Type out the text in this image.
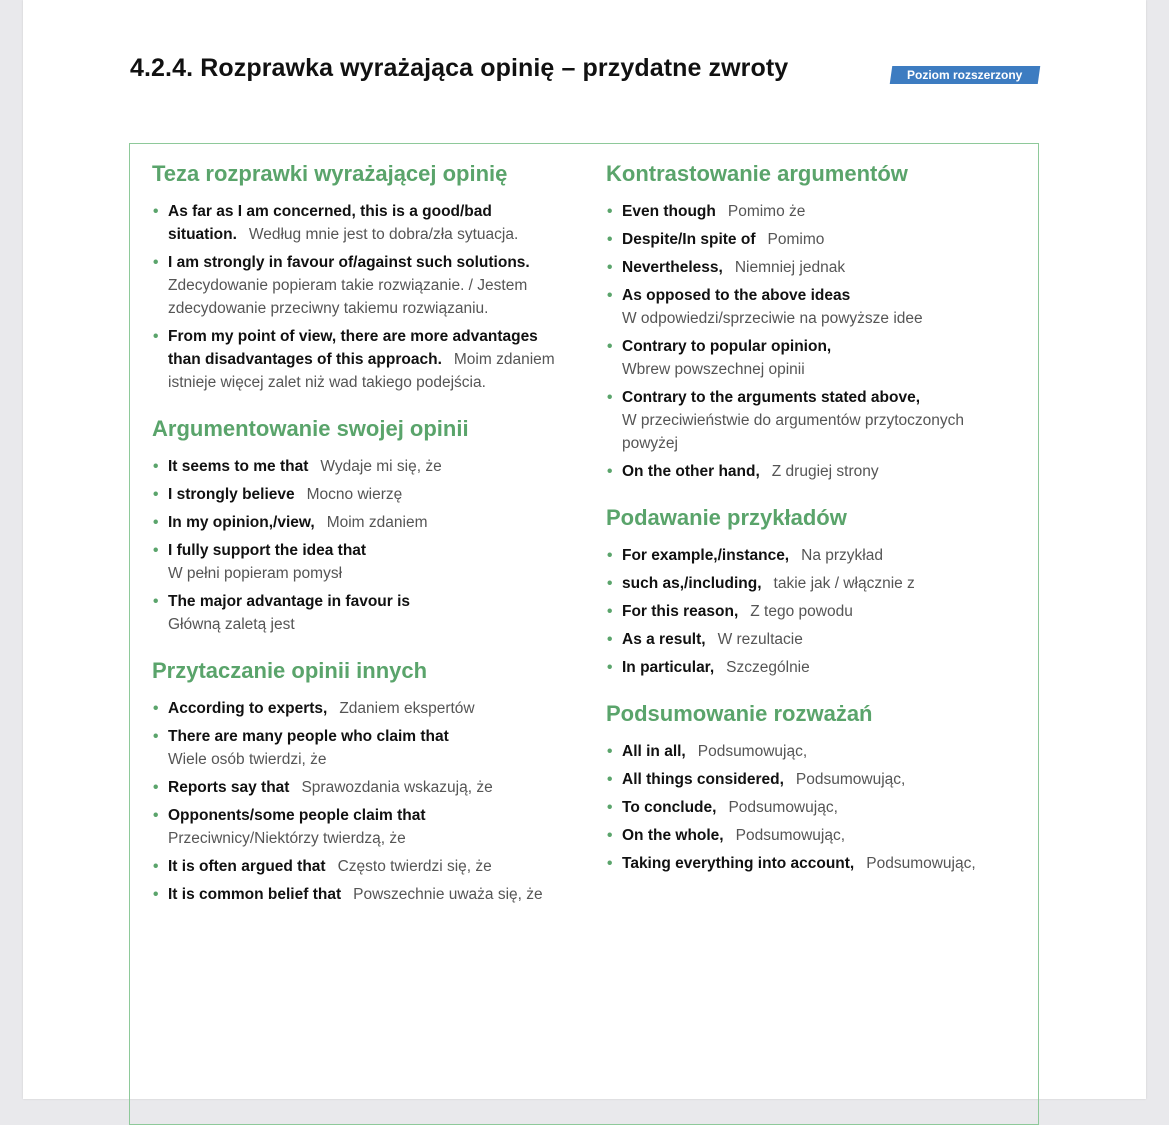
4.2.4. Rozprawka wyrażająca opinię – przydatne zwroty	Poziom rozszerzony
Teza rozprawki wyrażającej opinię
• As far as I am concerned, this is a good/bad situation. Według mnie jest to dobra/zła sytuacja.
• I am strongly in favour of/against such solutions.
Zdecydowanie popieram takie rozwiązanie. / Jestem zdecydowanie przeciwny takiemu rozwiązaniu.
• From my point of view, there are more advantages than disadvantages of this approach. Moim zdaniem istnieje więcej zalet niż wad takiego podejścia.
Argumentowanie swojej opinii
• It seems to me that Wydaje mi się, że
• I strongly believe Mocno wierzę
• In my opinion,/view, Moim zdaniem
• I fully support the idea that
W pełni popieram pomysł
• The major advantage in favour is
Główną zaletą jest
Przytaczanie opinii innych
• According to experts, Zdaniem ekspertów
• There are many people who claim that
Wiele osób twierdzi, że
• Reports say that Sprawozdania wskazują, że
• Opponents/some people claim that
Przeciwnicy/Niektórzy twierdzą, że
• It is often argued that Często twierdzi się, że
• It is common belief that Powszechnie uważa się, że
Kontrastowanie argumentów
• Even though Pomimo że
• Despite/In spite of Pomimo
• Nevertheless, Niemniej jednak
• As opposed to the above ideas
W odpowiedzi/sprzeciwie na powyższe idee
• Contrary to popular opinion,
Wbrew powszechnej opinii
• Contrary to the arguments stated above,
W przeciwieństwie do argumentów przytoczonych powyżej
• On the other hand, Z drugiej strony
Podawanie przykładów
• For example,/instance, Na przykład
• such as,/including, takie jak / włącznie z
• For this reason, Z tego powodu
• As a result, W rezultacie
• In particular, Szczególnie
Podsumowanie rozważań
• All in all, Podsumowując,
• All things considered, Podsumowując,
• To conclude, Podsumowując,
• On the whole, Podsumowując,
• Taking everything into account, Podsumowując,
